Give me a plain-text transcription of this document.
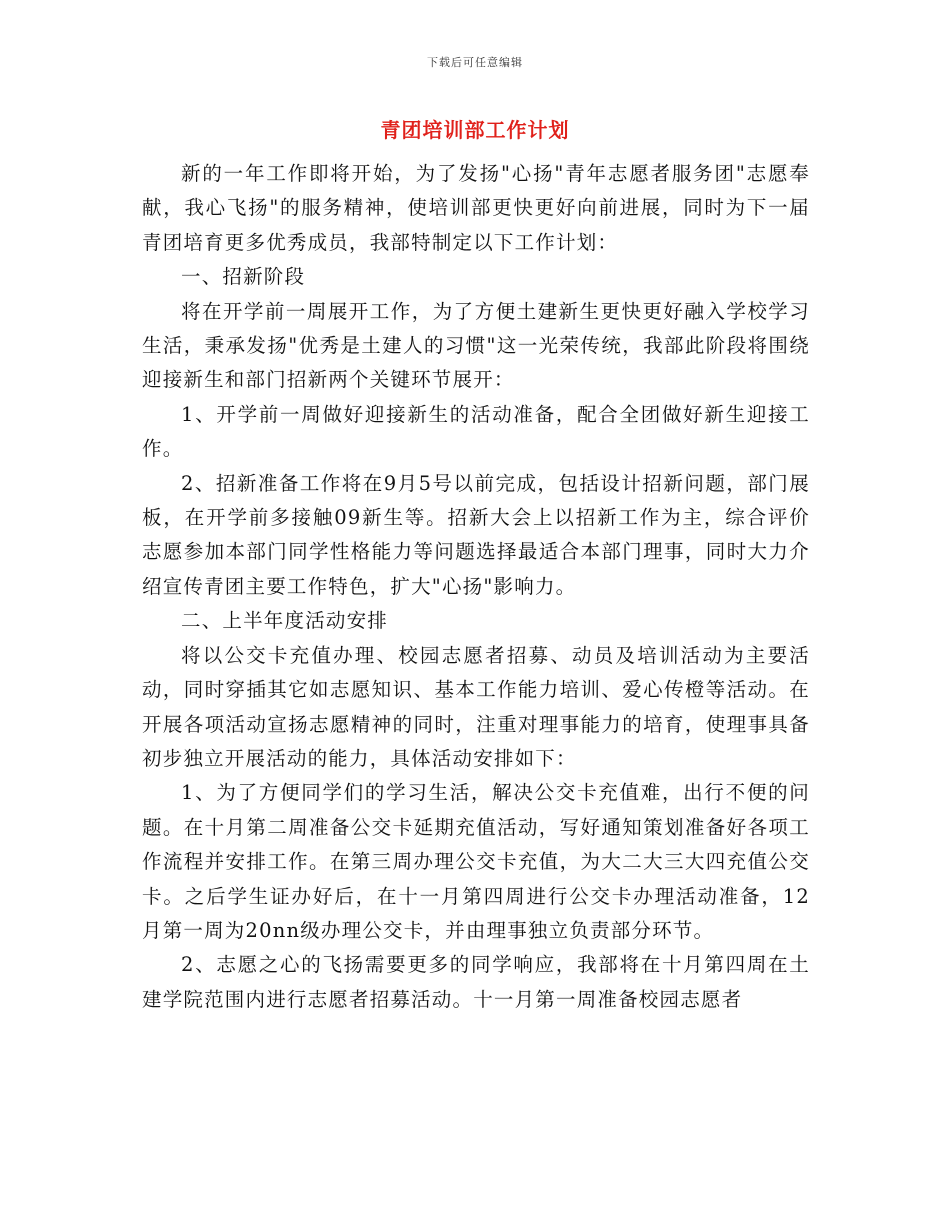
下载后可任意编辑
青团培训部工作计划

新的一年工作即将开始，为了发扬"心扬"青年志愿者服务团"志愿奉献，我心飞扬"的服务精神，使培训部更快更好向前进展，同时为下一届青团培育更多优秀成员，我部特制定以下工作计划：

一、招新阶段

将在开学前一周展开工作，为了方便土建新生更快更好融入学校学习生活，秉承发扬"优秀是土建人的习惯"这一光荣传统，我部此阶段将围绕迎接新生和部门招新两个关键环节展开：

1、开学前一周做好迎接新生的活动准备，配合全团做好新生迎接工作。

2、招新准备工作将在9月5号以前完成，包括设计招新问题，部门展板，在开学前多接触09新生等。招新大会上以招新工作为主，综合评价志愿参加本部门同学性格能力等问题选择最适合本部门理事，同时大力介绍宣传青团主要工作特色，扩大"心扬"影响力。

二、上半年度活动安排

将以公交卡充值办理、校园志愿者招募、动员及培训活动为主要活动，同时穿插其它如志愿知识、基本工作能力培训、爱心传橙等活动。在开展各项活动宣扬志愿精神的同时，注重对理事能力的培育，使理事具备初步独立开展活动的能力，具体活动安排如下：

1、为了方便同学们的学习生活，解决公交卡充值难，出行不便的问题。在十月第二周准备公交卡延期充值活动，写好通知策划准备好各项工作流程并安排工作。在第三周办理公交卡充值，为大二大三大四充值公交卡。之后学生证办好后，在十一月第四周进行公交卡办理活动准备，12月第一周为20nn级办理公交卡，并由理事独立负责部分环节。

2、志愿之心的飞扬需要更多的同学响应，我部将在十月第四周在土建学院范围内进行志愿者招募活动。十一月第一周准备校园志愿者
